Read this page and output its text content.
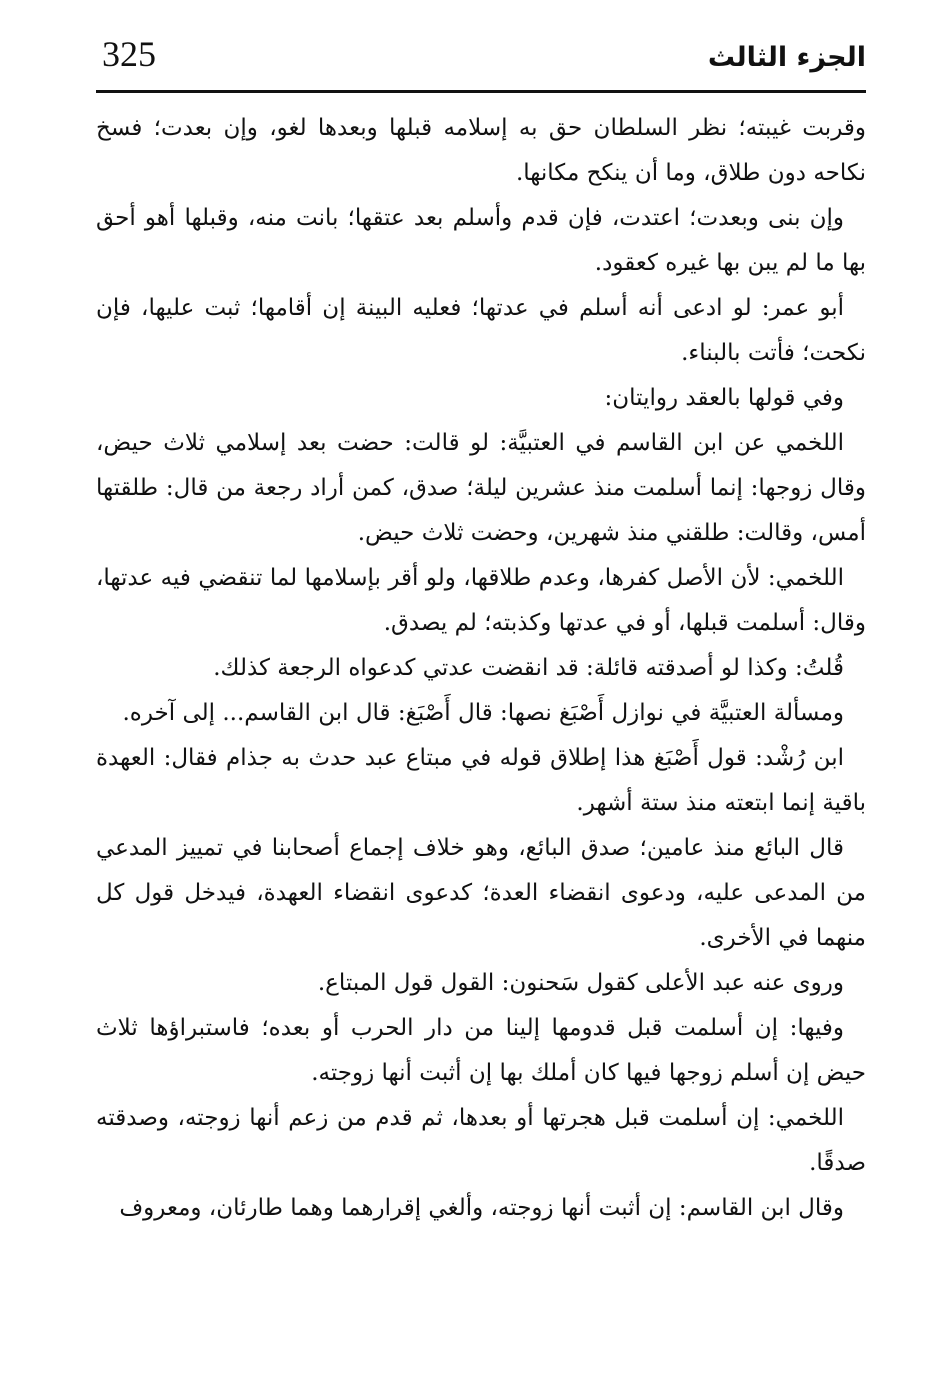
325	الجزء الثالث

وقربت غيبته؛ نظر السلطان حق به إسلامه قبلها وبعدها لغو، وإن بعدت؛ فسخ نكاحه دون طلاق، وما أن ينكح مكانها.

وإن بنى وبعدت؛ اعتدت، فإن قدم وأسلم بعد عتقها؛ بانت منه، وقبلها أهو أحق بها ما لم يبن بها غيره كعقود.

أبو عمر: لو ادعى أنه أسلم في عدتها؛ فعليه البينة إن أقامها؛ ثبت عليها، فإن نكحت؛ فأتت بالبناء.

وفي قولها بالعقد روايتان:

اللخمي عن ابن القاسم في العتبيَّة: لو قالت: حضت بعد إسلامي ثلاث حيض، وقال زوجها: إنما أسلمت منذ عشرين ليلة؛ صدق، كمن أراد رجعة من قال: طلقتها أمس، وقالت: طلقني منذ شهرين، وحضت ثلاث حيض.

اللخمي: لأن الأصل كفرها، وعدم طلاقها، ولو أقر بإسلامها لما تنقضي فيه عدتها، وقال: أسلمت قبلها، أو في عدتها وكذبته؛ لم يصدق.

قُلتُ: وكذا لو أصدقته قائلة: قد انقضت عدتي كدعواه الرجعة كذلك.

ومسألة العتبيَّة في نوازل أَصْبَغ نصها: قال أَصْبَغ: قال ابن القاسم... إلى آخره.

ابن رُشْد: قول أَصْبَغ هذا إطلاق قوله في مبتاع عبد حدث به جذام فقال: العهدة باقية إنما ابتعته منذ ستة أشهر.

قال البائع منذ عامين؛ صدق البائع، وهو خلاف إجماع أصحابنا في تمييز المدعي من المدعى عليه، ودعوى انقضاء العدة؛ كدعوى انقضاء العهدة، فيدخل قول كل منهما في الأخرى.

وروى عنه عبد الأعلى كقول سَحنون: القول قول المبتاع.

وفيها: إن أسلمت قبل قدومها إلينا من دار الحرب أو بعده؛ فاستبراؤها ثلاث حيض إن أسلم زوجها فيها كان أملك بها إن أثبت أنها زوجته.

اللخمي: إن أسلمت قبل هجرتها أو بعدها، ثم قدم من زعم أنها زوجته، وصدقته صدقًا.

وقال ابن القاسم: إن أثبت أنها زوجته، وألغي إقرارهما وهما طارئان، ومعروف
